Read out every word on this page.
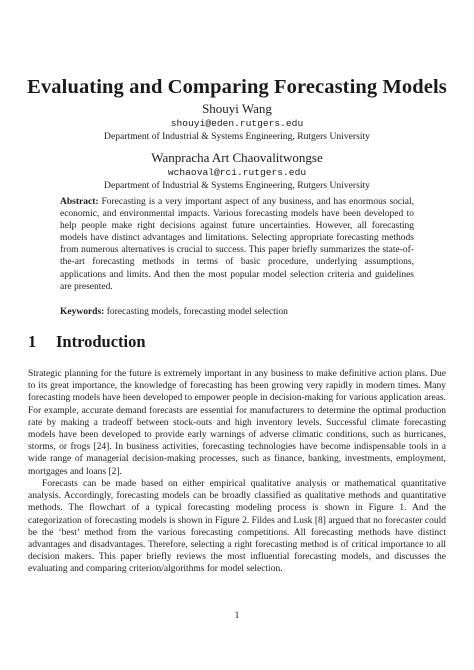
Evaluating and Comparing Forecasting Models
Shouyi Wang
shouyi@eden.rutgers.edu
Department of Industrial & Systems Engineering, Rutgers University
Wanpracha Art Chaovalitwongse
wchaoval@rci.rutgers.edu
Department of Industrial & Systems Engineering, Rutgers University

Abstract: Forecasting is a very important aspect of any business, and has enormous social, economic, and environmental impacts. Various forecasting models have been developed to help people make right decisions against future uncertainties. However, all forecasting models have distinct advantages and limitations. Selecting appropriate forecasting methods from numerous alternatives is crucial to success. This paper briefly summarizes the state-of-the-art forecasting methods in terms of basic procedure, underlying assumptions, applications and limits. And then the most popular model selection criteria and guidelines are presented.

Keywords: forecasting models, forecasting model selection

1 Introduction

Strategic planning for the future is extremely important in any business to make definitive action plans. Due to its great importance, the knowledge of forecasting has been growing very rapidly in modern times. Many forecasting models have been developed to empower people in decision-making for various application areas. For example, accurate demand forecasts are essential for manufacturers to determine the optimal production rate by making a tradeoff between stock-outs and high inventory levels. Successful climate forecasting models have been developed to provide early warnings of adverse climatic conditions, such as hurricanes, storms, or frogs [24]. In business activities, forecasting technologies have become indispensable tools in a wide range of managerial decision-making processes, such as finance, banking, investments, employment, mortgages and loans [2].

Forecasts can be made based on either empirical qualitative analysis or mathematical quantitative analysis. Accordingly, forecasting models can be broadly classified as qualitative methods and quantitative methods. The flowchart of a typical forecasting modeling process is shown in Figure 1. And the categorization of forecasting models is shown in Figure 2. Fildes and Lusk [8] argued that no forecaster could be the ‘best’ method from the various forecasting competitions. All forecasting methods have distinct advantages and disadvantages. Therefore, selecting a right forecasting method is of critical importance to all decision makers. This paper briefly reviews the most influential forecasting models, and discusses the evaluating and comparing criterion/algorithms for model selection.

1
